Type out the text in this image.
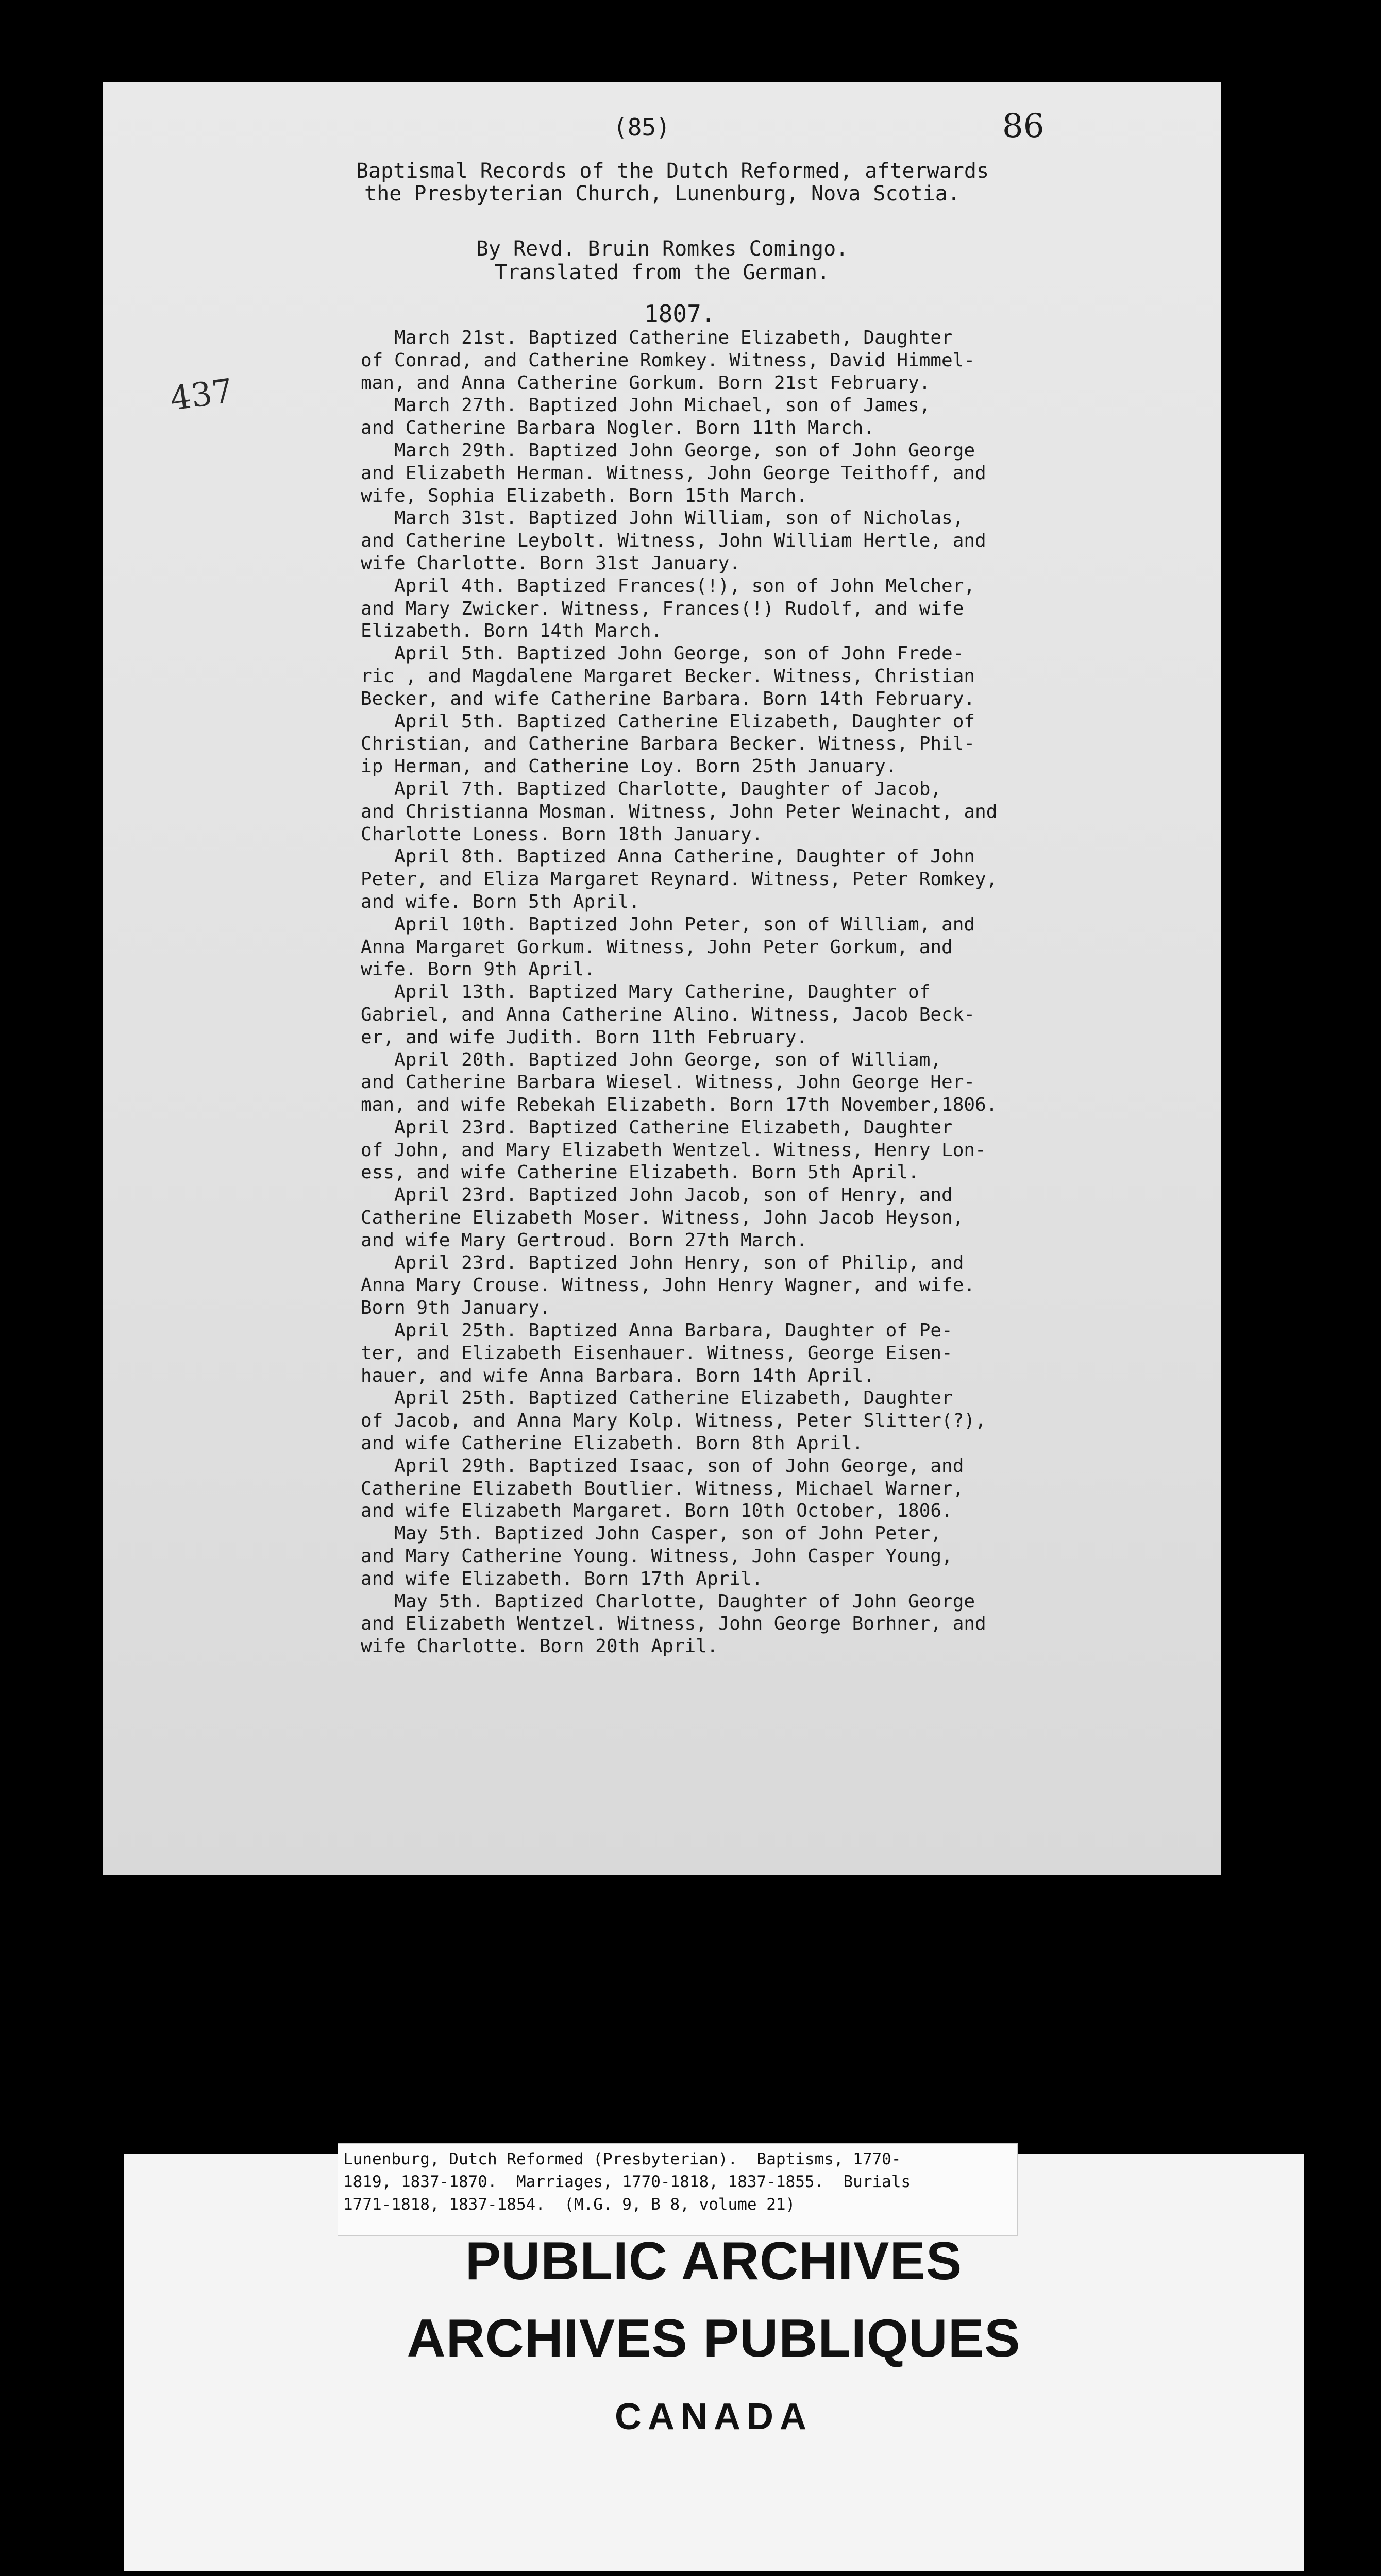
(85)	86
437
Baptismal Records of the Dutch Reformed, afterwards
the Presbyterian Church, Lunenburg, Nova Scotia.
By Revd. Bruin Romkes Comingo.
Translated from the German.
1807.
March 21st. Baptized Catherine Elizabeth, Daughter
of Conrad, and Catherine Romkey. Witness, David Himmel-
man, and Anna Catherine Gorkum. Born 21st February.
March 27th. Baptized John Michael, son of James,
and Catherine Barbara Nogler. Born 11th March.
March 29th. Baptized John George, son of John George
and Elizabeth Herman. Witness, John George Teithoff, and
wife, Sophia Elizabeth. Born 15th March.
March 31st. Baptized John William, son of Nicholas,
and Catherine Leybolt. Witness, John William Hertle, and
wife Charlotte. Born 31st January.
April 4th. Baptized Frances(!), son of John Melcher,
and Mary Zwicker. Witness, Frances(!) Rudolf, and wife
Elizabeth. Born 14th March.
April 5th. Baptized John George, son of John Frede-
ric , and Magdalene Margaret Becker. Witness, Christian
Becker, and wife Catherine Barbara. Born 14th February.
April 5th. Baptized Catherine Elizabeth, Daughter of
Christian, and Catherine Barbara Becker. Witness, Phil-
ip Herman, and Catherine Loy. Born 25th January.
April 7th. Baptized Charlotte, Daughter of Jacob,
and Christianna Mosman. Witness, John Peter Weinacht, and
Charlotte Loness. Born 18th January.
April 8th. Baptized Anna Catherine, Daughter of John
Peter, and Eliza Margaret Reynard. Witness, Peter Romkey,
and wife. Born 5th April.
April 10th. Baptized John Peter, son of William, and
Anna Margaret Gorkum. Witness, John Peter Gorkum, and
wife. Born 9th April.
April 13th. Baptized Mary Catherine, Daughter of
Gabriel, and Anna Catherine Alino. Witness, Jacob Beck-
er, and wife Judith. Born 11th February.
April 20th. Baptized John George, son of William,
and Catherine Barbara Wiesel. Witness, John George Her-
man, and wife Rebekah Elizabeth. Born 17th November,1806.
April 23rd. Baptized Catherine Elizabeth, Daughter
of John, and Mary Elizabeth Wentzel. Witness, Henry Lon-
ess, and wife Catherine Elizabeth. Born 5th April.
April 23rd. Baptized John Jacob, son of Henry, and
Catherine Elizabeth Moser. Witness, John Jacob Heyson,
and wife Mary Gertroud. Born 27th March.
April 23rd. Baptized John Henry, son of Philip, and
Anna Mary Crouse. Witness, John Henry Wagner, and wife.
Born 9th January.
April 25th. Baptized Anna Barbara, Daughter of Pe-
ter, and Elizabeth Eisenhauer. Witness, George Eisen-
hauer, and wife Anna Barbara. Born 14th April.
April 25th. Baptized Catherine Elizabeth, Daughter
of Jacob, and Anna Mary Kolp. Witness, Peter Slitter(?),
and wife Catherine Elizabeth. Born 8th April.
April 29th. Baptized Isaac, son of John George, and
Catherine Elizabeth Boutlier. Witness, Michael Warner,
and wife Elizabeth Margaret. Born 10th October, 1806.
May 5th. Baptized John Casper, son of John Peter,
and Mary Catherine Young. Witness, John Casper Young,
and wife Elizabeth. Born 17th April.
May 5th. Baptized Charlotte, Daughter of John George
and Elizabeth Wentzel. Witness, John George Borhner, and
wife Charlotte. Born 20th April.
Lunenburg, Dutch Reformed (Presbyterian).  Baptisms, 1770-
1819, 1837-1870.  Marriages, 1770-1818, 1837-1855.  Burials
1771-1818, 1837-1854.  (M.G. 9, B 8, volume 21)
PUBLIC ARCHIVES
ARCHIVES PUBLIQUES
CANADA
